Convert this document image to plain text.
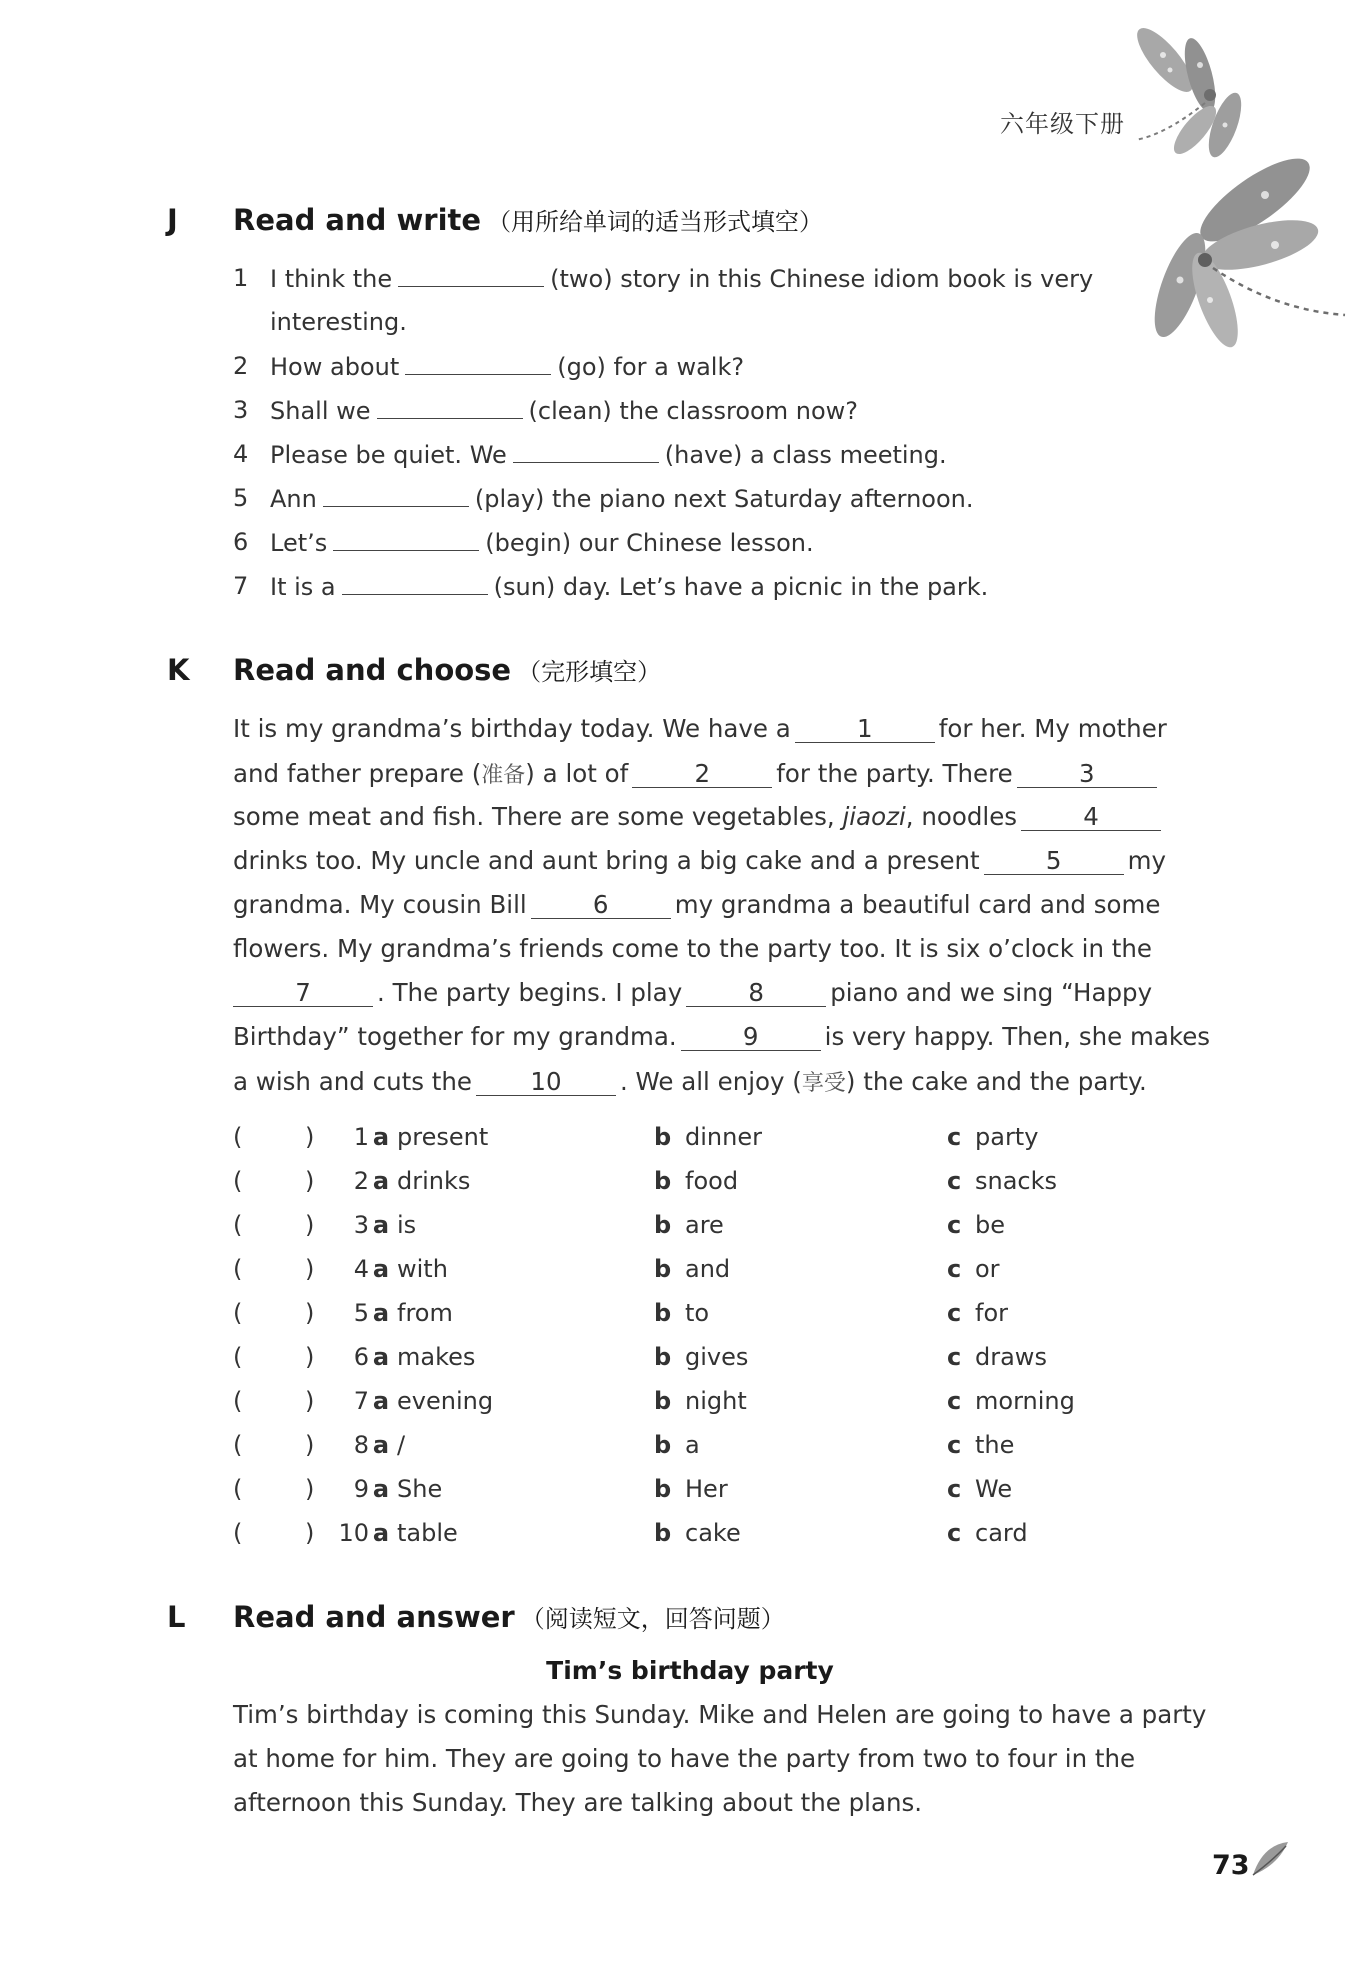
六年级下册
J Read and write （用所给单词的适当形式填空）
1 I think the	(two) story in this Chinese idiom book is very
interesting.
2 How about	(go) for a walk?
3 Shall we	(clean) the classroom now?
4 Please be quiet. We	(have) a class meeting.
5 Ann	(play) the piano next Saturday afternoon.
6 Let’s	(begin) our Chinese lesson.
7 It is a	(sun) day. Let’s have a picnic in the park.
K Read and choose （完形填空）
It is my grandma’s birthday today. We have a	1	for her. My mother
and father prepare (准备) a lot of	2	for the party. There	3
some meat and fish. There are some vegetables, jiaozi, noodles	4
drinks too. My uncle and aunt bring a big cake and a present	5	my
grandma. My cousin Bill	6	my grandma a beautiful card and some
flowers. My grandma’s friends come to the party too. It is six o’clock in the
7	. The party begins. I play	8	piano and we sing “Happy
Birthday” together for my grandma.	9	is very happy. Then, she makes
a wish and cuts the 10 . We all enjoy (享受) the cake and the party.
(	)	1 a present	b dinner	c party
(	)	2 a drinks	b food	c snacks
(	)	3 a is	b are	c be
(	)	4 a with	b and	c or
(	)	5 a from	b to	c for
(	)	6 a makes	b gives	c draws
(	)	7 a evening	b night	c morning
(	)	8 a /	b a	c the
(	)	9 a She	b Her	c We
(	)	10 a table	b cake	c card
L Read and answer （阅读短文，回答问题）
Tim’s birthday party
Tim’s birthday is coming this Sunday. Mike and Helen are going to have a party
at home for him. They are going to have the party from two to four in the
afternoon this Sunday. They are talking about the plans.
73
